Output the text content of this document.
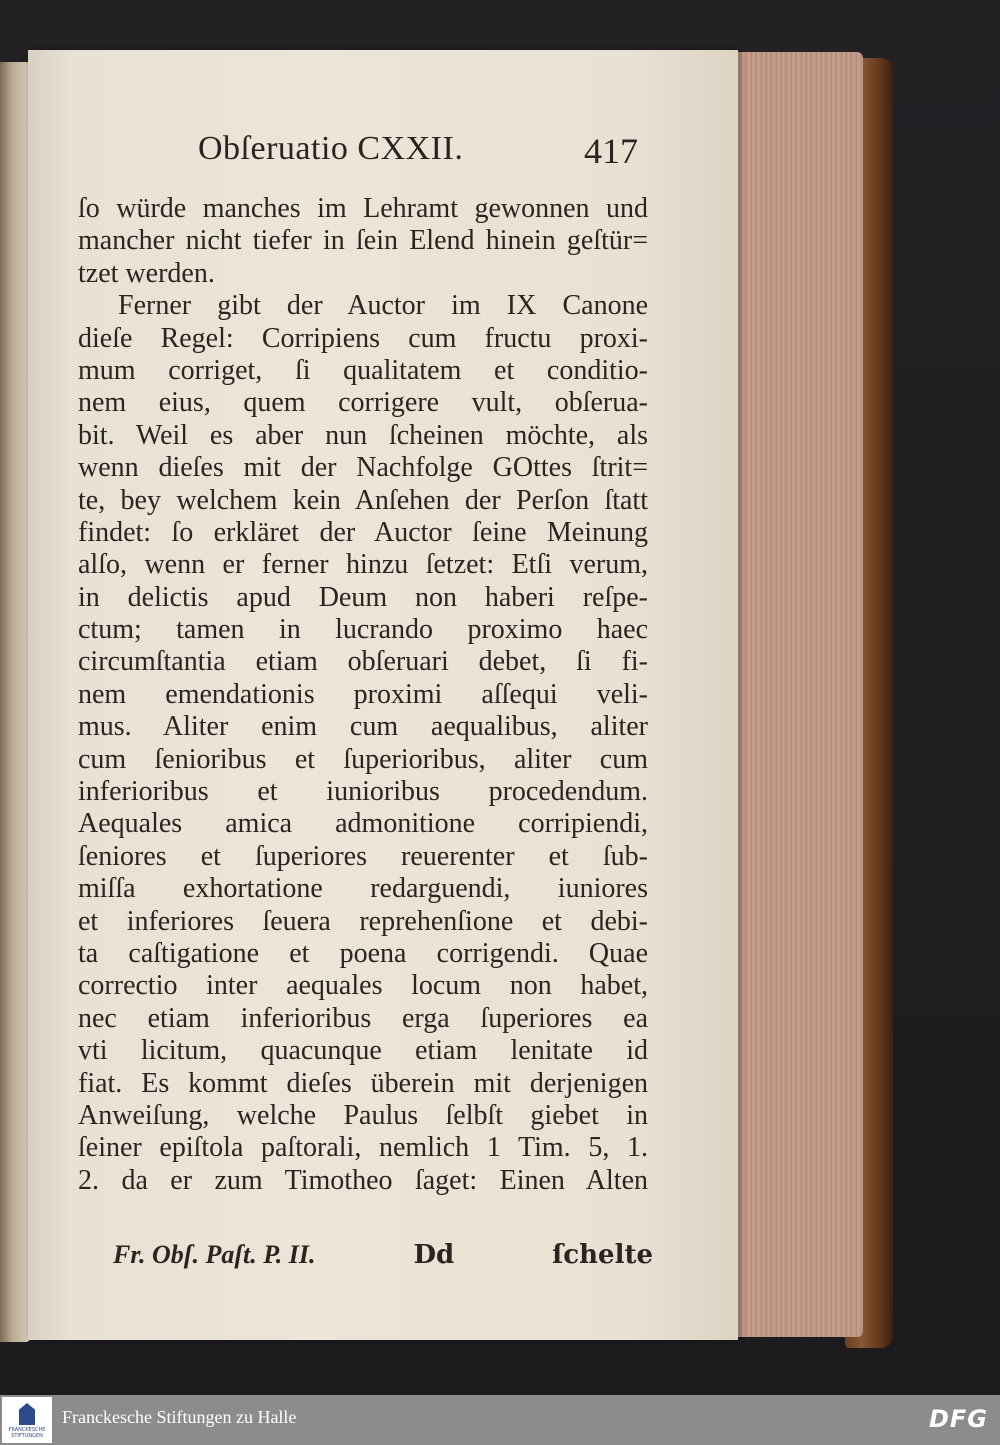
Obſeruatio CXXII.	417
ſo würde manches im Lehramt gewonnen und
mancher nicht tiefer in ſein Elend hinein geſtür=
tzet werden.
Ferner gibt der Auctor im IX Canone
dieſe Regel: Corripiens cum fructu proxi-
mum corriget, ſi qualitatem et conditio-
nem eius, quem corrigere vult, obſerua-
bit. Weil es aber nun ſcheinen möchte, als
wenn dieſes mit der Nachfolge GOttes ſtrit=
te, bey welchem kein Anſehen der Perſon ſtatt
findet: ſo erkläret der Auctor ſeine Meinung
alſo, wenn er ferner hinzu ſetzet: Etſi verum,
in delictis apud Deum non haberi reſpe-
ctum; tamen in lucrando proximo haec
circumſtantia etiam obſeruari debet, ſi fi-
nem emendationis proximi aſſequi veli-
mus. Aliter enim cum aequalibus, aliter
cum ſenioribus et ſuperioribus, aliter cum
inferioribus et iunioribus procedendum.
Aequales amica admonitione corripiendi,
ſeniores et ſuperiores reuerenter et ſub-
miſſa exhortatione redarguendi, iuniores
et inferiores ſeuera reprehenſione et debi-
ta caſtigatione et poena corrigendi. Quae
correctio inter aequales locum non habet,
nec etiam inferioribus erga ſuperiores ea
vti licitum, quacunque etiam lenitate id
fiat. Es kommt dieſes überein mit derjenigen
Anweiſung, welche Paulus ſelbſt giebet in
ſeiner epiſtola paſtorali, nemlich 1 Tim. 5, 1.
2. da er zum Timotheo ſaget: Einen Alten
Fr. Obſ. Paſt. P. II.	Dd	ſchelte
FRANCKESCHE STIFTUNGEN
Franckesche Stiftungen zu Halle	DFG
